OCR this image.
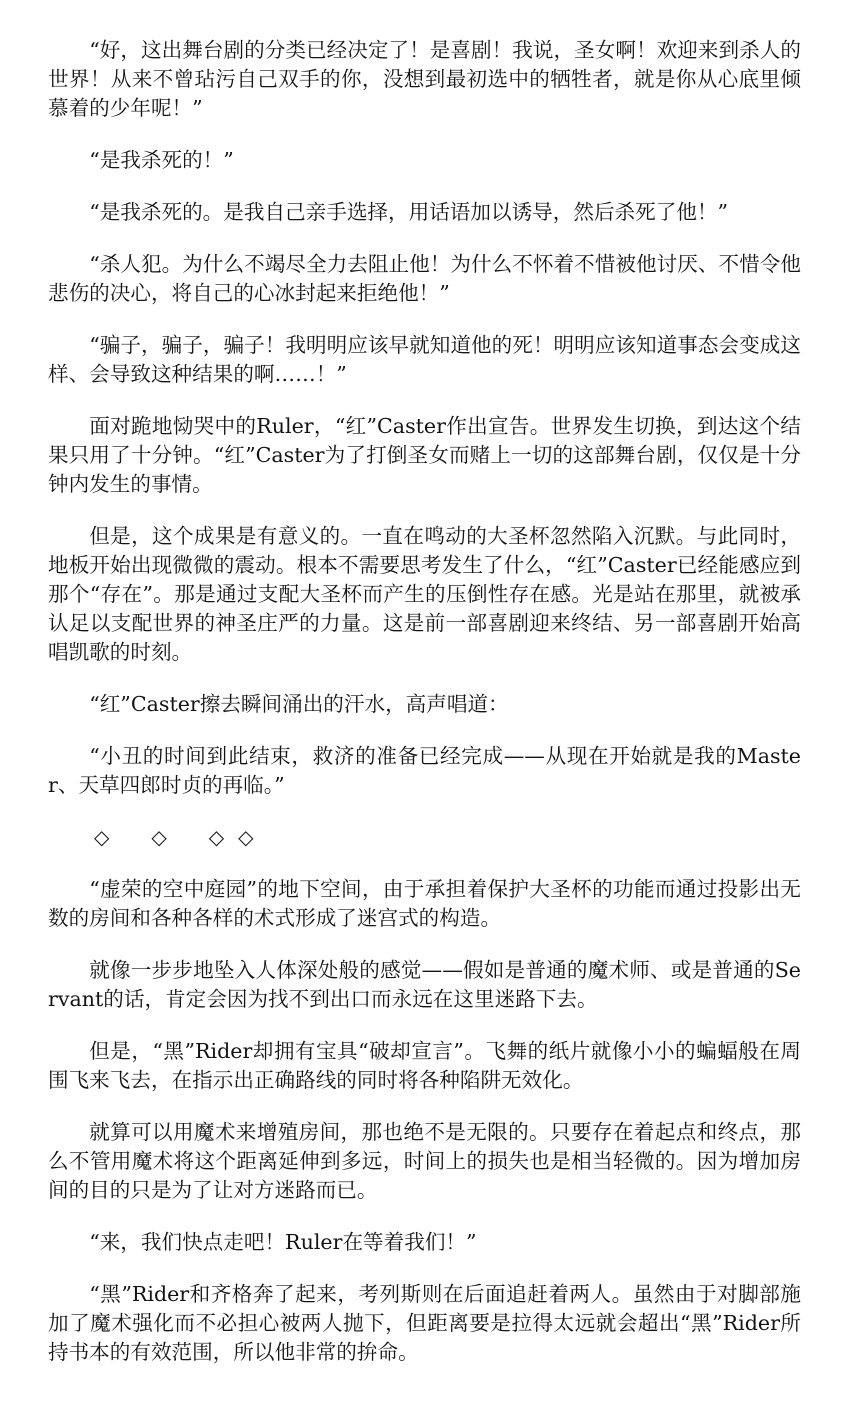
“好，这出舞台剧的分类已经决定了！是喜剧！我说，圣女啊！欢迎来到杀人的世界！从来不曾玷污自己双手的你，没想到最初选中的牺牲者，就是你从心底里倾慕着的少年呢！”

“是我杀死的！”

“是我杀死的。是我自己亲手选择，用话语加以诱导，然后杀死了他！”

“杀人犯。为什么不竭尽全力去阻止他！为什么不怀着不惜被他讨厌、不惜令他悲伤的决心，将自己的心冰封起来拒绝他！”

“骗子，骗子，骗子！我明明应该早就知道他的死！明明应该知道事态会变成这样、会导致这种结果的啊……！”

面对跪地恸哭中的Ruler，“红”Caster作出宣告。世界发生切换，到达这个结果只用了十分钟。“红”Caster为了打倒圣女而赌上一切的这部舞台剧，仅仅是十分钟内发生的事情。

但是，这个成果是有意义的。一直在鸣动的大圣杯忽然陷入沉默。与此同时，地板开始出现微微的震动。根本不需要思考发生了什么，“红”Caster已经能感应到那个“存在”。那是通过支配大圣杯而产生的压倒性存在感。光是站在那里，就被承认足以支配世界的神圣庄严的力量。这是前一部喜剧迎来终结、另一部喜剧开始高唱凯歌的时刻。

“红”Caster擦去瞬间涌出的汗水，高声唱道：

“小丑的时间到此结束，救济的准备已经完成——从现在开始就是我的Master、天草四郎时贞的再临。”

◇ ◇ ◇ ◇

“虚荣的空中庭园”的地下空间，由于承担着保护大圣杯的功能而通过投影出无数的房间和各种各样的术式形成了迷宫式的构造。

就像一步步地坠入人体深处般的感觉——假如是普通的魔术师、或是普通的Servant的话，肯定会因为找不到出口而永远在这里迷路下去。

但是，“黑”Rider却拥有宝具“破却宣言”。飞舞的纸片就像小小的蝙蝠般在周围飞来飞去，在指示出正确路线的同时将各种陷阱无效化。

就算可以用魔术来增殖房间，那也绝不是无限的。只要存在着起点和终点，那么不管用魔术将这个距离延伸到多远，时间上的损失也是相当轻微的。因为增加房间的目的只是为了让对方迷路而已。

“来，我们快点走吧！Ruler在等着我们！”

“黑”Rider和齐格奔了起来，考列斯则在后面追赶着两人。虽然由于对脚部施加了魔术强化而不必担心被两人抛下，但距离要是拉得太远就会超出“黑”Rider所持书本的有效范围，所以他非常的拚命。
